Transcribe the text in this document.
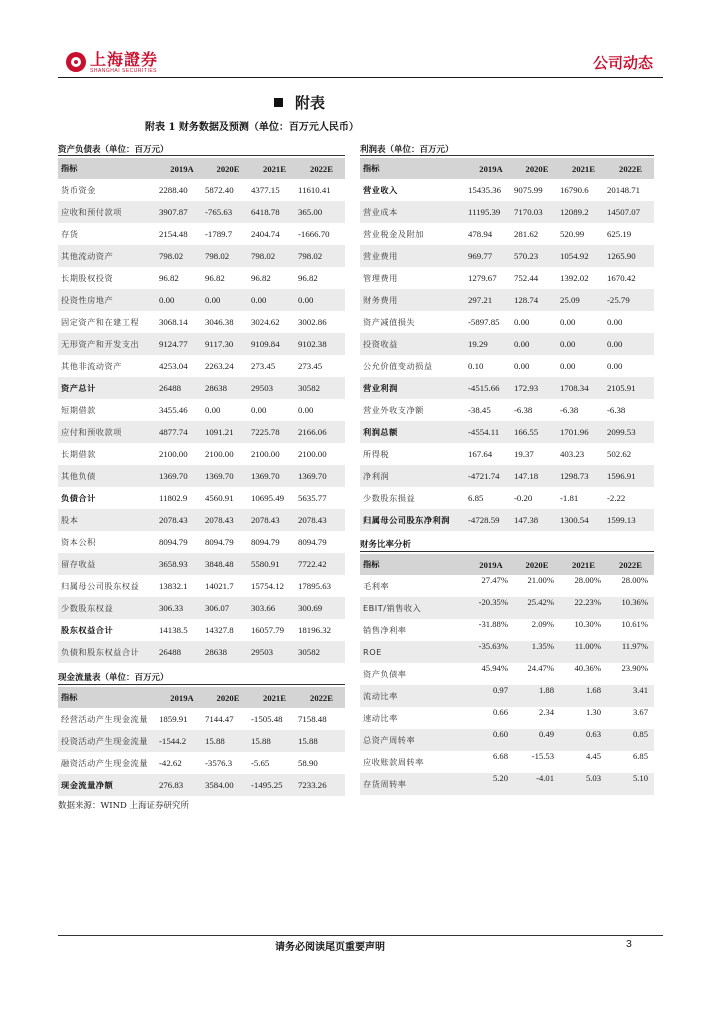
上海證券
SHANGHAI SECURITIES	公司动态
附表
附表 1 财务数据及预测（单位：百万元人民币）
资产负债表（单位：百万元）
指标	2019A	2020E	2021E	2022E
货币资金	2288.40	5872.40	4377.15	11610.41
应收和预付款项	3907.87	-765.63	6418.78	365.00
存货	2154.48	-1789.7	2404.74	-1666.70
其他流动资产	798.02	798.02	798.02	798.02
长期股权投资	96.82	96.82	96.82	96.82
投资性房地产	0.00	0.00	0.00	0.00
固定资产和在建工程	3068.14	3046.38	3024.62	3002.86
无形资产和开发支出	9124.77	9117.30	9109.84	9102.38
其他非流动资产	4253.04	2263.24	273.45	273.45
资产总计	26488	28638	29503	30582
短期借款	3455.46	0.00	0.00	0.00
应付和预收款项	4877.74	1091.21	7225.78	2166.06
长期借款	2100.00	2100.00	2100.00	2100.00
其他负债	1369.70	1369.70	1369.70	1369.70
负债合计	11802.9	4560.91	10695.49	5635.77
股本	2078.43	2078.43	2078.43	2078.43
资本公积	8094.79	8094.79	8094.79	8094.79
留存收益	3658.93	3848.48	5580.91	7722.42
归属母公司股东权益	13832.1	14021.7	15754.12	17895.63
少数股东权益	306.33	306.07	303.66	300.69
股东权益合计	14138.5	14327.8	16057.79	18196.32
负债和股东权益合计	26488	28638	29503	30582
现金流量表（单位：百万元）
指标	2019A	2020E	2021E	2022E
经营活动产生现金流量	1859.91	7144.47	-1505.48	7158.48
投资活动产生现金流量	-1544.2	15.88	15.88	15.88
融资活动产生现金流量	-42.62	-3576.3	-5.65	58.90
现金流量净额	276.83	3584.00	-1495.25	7233.26
利润表（单位：百万元）
指标	2019A	2020E	2021E	2022E
营业收入	15435.36	9075.99	16790.6	20148.71
营业成本	11195.39	7170.03	12089.2	14507.07
营业税金及附加	478.94	281.62	520.99	625.19
营业费用	969.77	570.23	1054.92	1265.90
管理费用	1279.67	752.44	1392.02	1670.42
财务费用	297.21	128.74	25.09	-25.79
资产减值损失	-5897.85	0.00	0.00	0.00
投资收益	19.29	0.00	0.00	0.00
公允价值变动损益	0.10	0.00	0.00	0.00
营业利润	-4515.66	172.93	1708.34	2105.91
营业外收支净额	-38.45	-6.38	-6.38	-6.38
利润总额	-4554.11	166.55	1701.96	2099.53
所得税	167.64	19.37	403.23	502.62
净利润	-4721.74	147.18	1298.73	1596.91
少数股东损益	6.85	-0.20	-1.81	-2.22
归属母公司股东净利润	-4728.59	147.38	1300.54	1599.13
财务比率分析
指标	2019A	2020E	2021E	2022E
毛利率	27.47%	21.00%	28.00%	28.00%
EBIT/销售收入	-20.35%	25.42%	22.23%	10.36%
销售净利率	-31.88%	2.09%	10.30%	10.61%
ROE	-35.63%	1.35%	11.00%	11.97%
资产负债率	45.94%	24.47%	40.36%	23.90%
流动比率	0.97	1.88	1.68	3.41
速动比率	0.66	2.34	1.30	3.67
总资产周转率	0.60	0.49	0.63	0.85
应收账款周转率	6.68	-15.53	4.45	6.85
存货周转率	5.20	-4.01	5.03	5.10
数据来源：WIND 上海证券研究所
请务必阅读尾页重要声明	3
